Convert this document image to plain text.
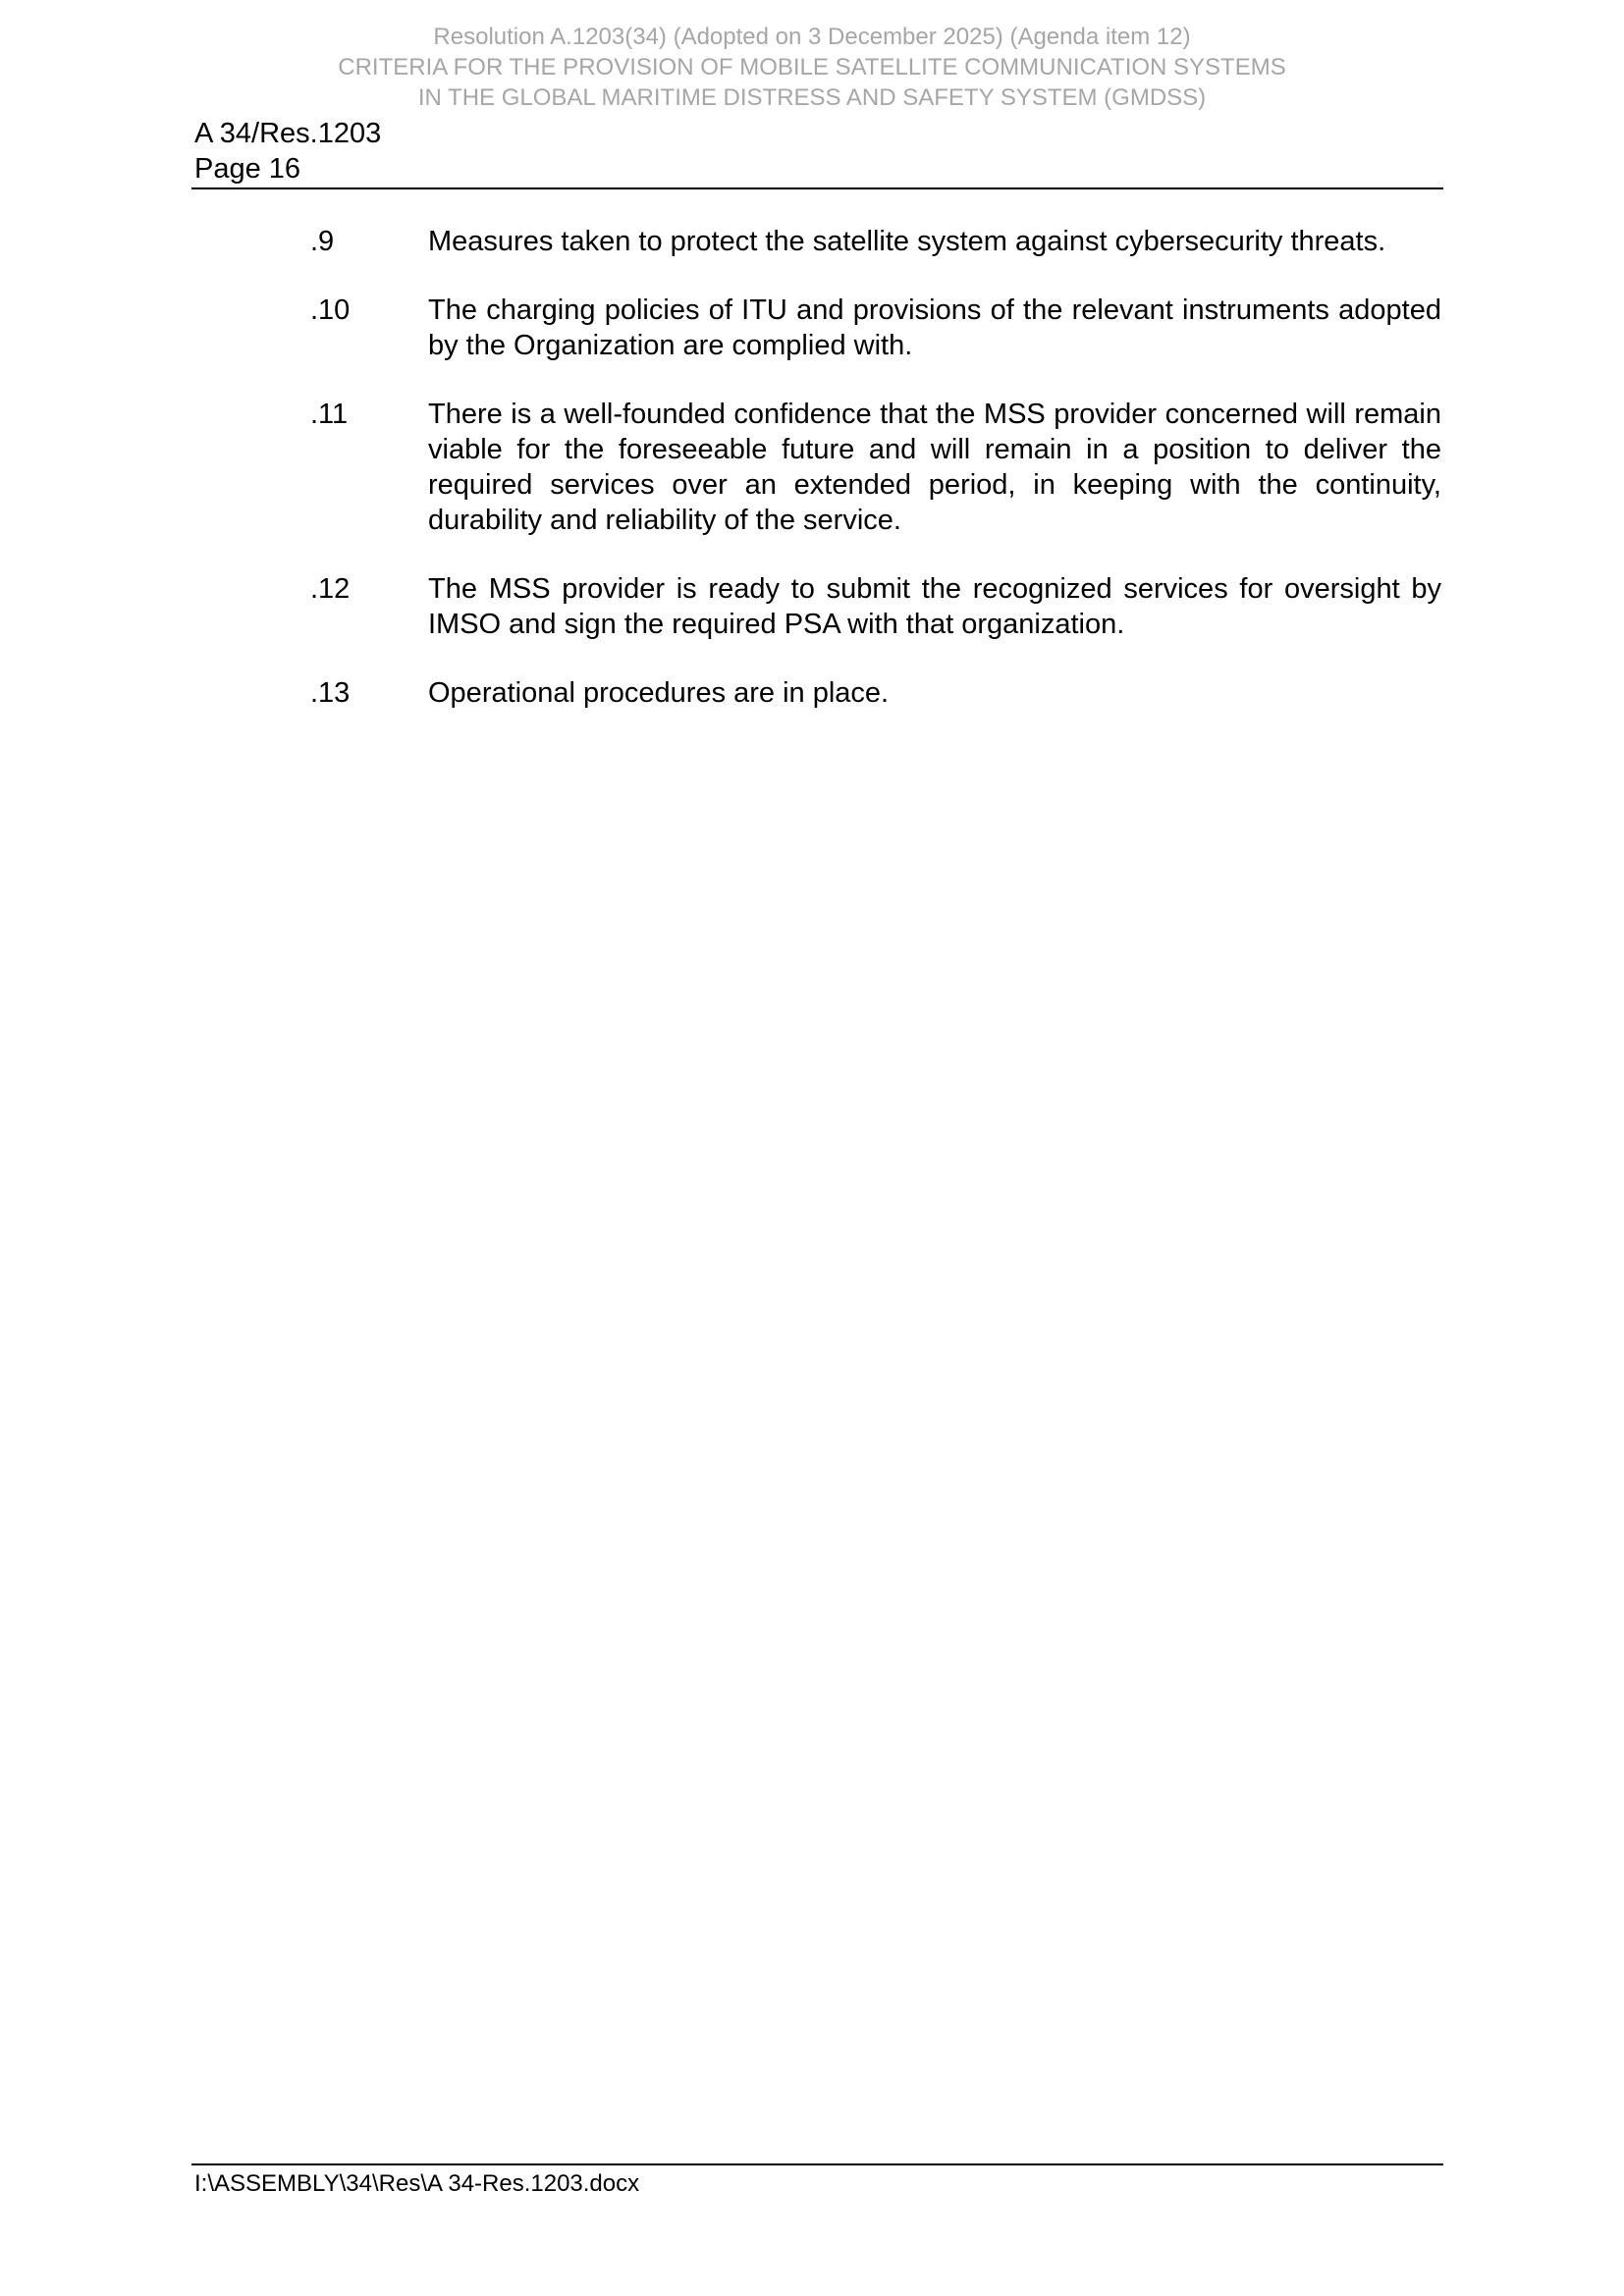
Resolution A.1203(34) (Adopted on 3 December 2025) (Agenda item 12)
CRITERIA FOR THE PROVISION OF MOBILE SATELLITE COMMUNICATION SYSTEMS
IN THE GLOBAL MARITIME DISTRESS AND SAFETY SYSTEM (GMDSS)
A 34/Res.1203
Page 16
.9	Measures taken to protect the satellite system against cybersecurity threats.
.10	The charging policies of ITU and provisions of the relevant instruments adopted by the Organization are complied with.
.11	There is a well-founded confidence that the MSS provider concerned will remain viable for the foreseeable future and will remain in a position to deliver the required services over an extended period, in keeping with the continuity, durability and reliability of the service.
.12	The MSS provider is ready to submit the recognized services for oversight by IMSO and sign the required PSA with that organization.
.13	Operational procedures are in place.
I:\ASSEMBLY\34\Res\A 34-Res.1203.docx
